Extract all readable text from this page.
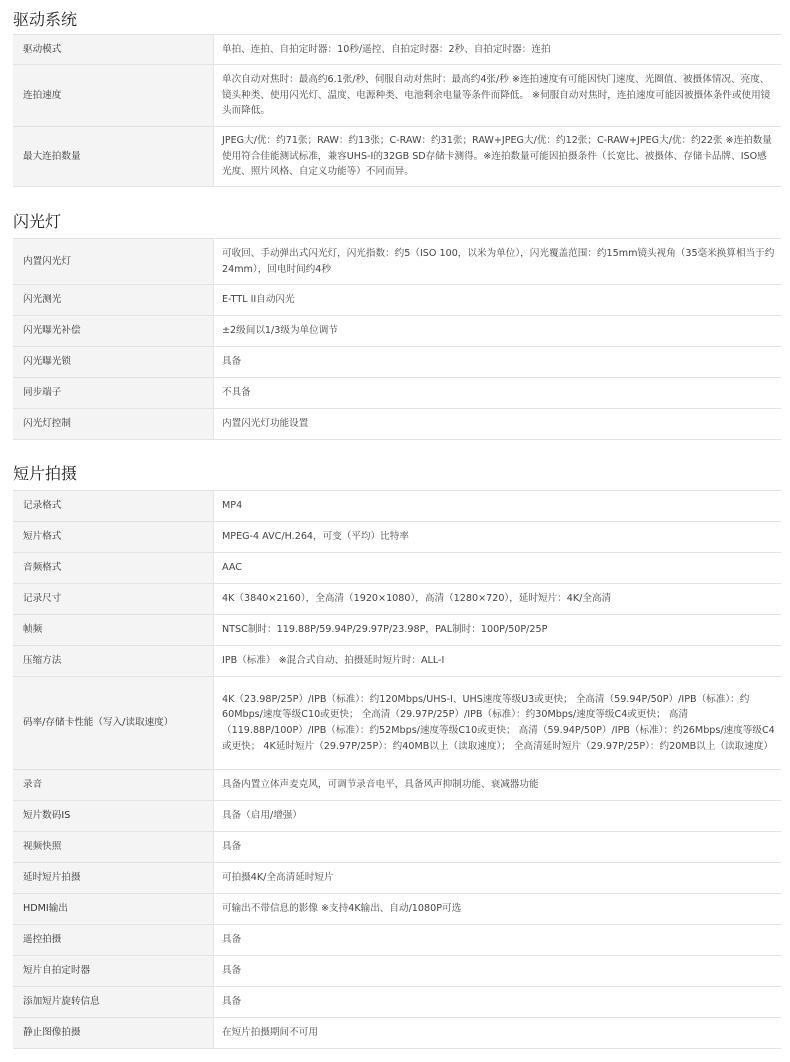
驱动系统
驱动模式	单拍、连拍、自拍定时器：10秒/遥控、自拍定时器：2秒、自拍定时器：连拍
连拍速度	单次自动对焦时：最高约6.1张/秒、伺服自动对焦时：最高约4张/秒 ※连拍速度有可能因快门速度、光圈值、被摄体情况、亮度、镜头种类、使用闪光灯、温度、电源种类、电池剩余电量等条件而降低。 ※伺服自动对焦时，连拍速度可能因被摄体条件或使用镜头而降低。
最大连拍数量	JPEG大/优：约71张；RAW：约13张；C-RAW：约31张；RAW+JPEG大/优：约12张；C-RAW+JPEG大/优：约22张 ※连拍数量使用符合佳能测试标准，兼容UHS-I的32GB SD存储卡测得。※连拍数量可能因拍摄条件（长宽比、被摄体、存储卡品牌、ISO感光度、照片风格、自定义功能等）不同而异。
闪光灯
内置闪光灯	可收回、手动弹出式闪光灯，闪光指数：约5（ISO 100，以米为单位），闪光覆盖范围：约15mm镜头视角（35毫米换算相当于约24mm），回电时间约4秒
闪光测光	E-TTL II自动闪光
闪光曝光补偿	±2级间以1/3级为单位调节
闪光曝光锁	具备
同步端子	不具备
闪光灯控制	内置闪光灯功能设置
短片拍摄
记录格式	MP4
短片格式	MPEG-4 AVC/H.264，可变（平均）比特率
音频格式	AAC
记录尺寸	4K（3840×2160），全高清（1920×1080），高清（1280×720），延时短片：4K/全高清
帧频	NTSC制时：119.88P/59.94P/29.97P/23.98P，PAL制时：100P/50P/25P
压缩方法	IPB（标准） ※混合式自动、拍摄延时短片时：ALL-I
码率/存储卡性能（写入/读取速度）	4K（23.98P/25P）/IPB（标准）：约120Mbps/UHS-I、UHS速度等级U3或更快； 全高清（59.94P/50P）/IPB（标准）：约60Mbps/速度等级C10或更快； 全高清（29.97P/25P）/IPB（标准）：约30Mbps/速度等级C4或更快； 高清（119.88P/100P）/IPB（标准）：约52Mbps/速度等级C10或更快； 高清（59.94P/50P）/IPB（标准）：约26Mbps/速度等级C4或更快； 4K延时短片（29.97P/25P）：约40MB以上（读取速度）； 全高清延时短片（29.97P/25P）：约20MB以上（读取速度）
录音	具备内置立体声麦克风，可调节录音电平，具备风声抑制功能、衰减器功能
短片数码IS	具备（启用/增强）
视频快照	具备
延时短片拍摄	可拍摄4K/全高清延时短片
HDMI输出	可输出不带信息的影像 ※支持4K输出、自动/1080P可选
遥控拍摄	具备
短片自拍定时器	具备
添加短片旋转信息	具备
静止图像拍摄	在短片拍摄期间不可用
